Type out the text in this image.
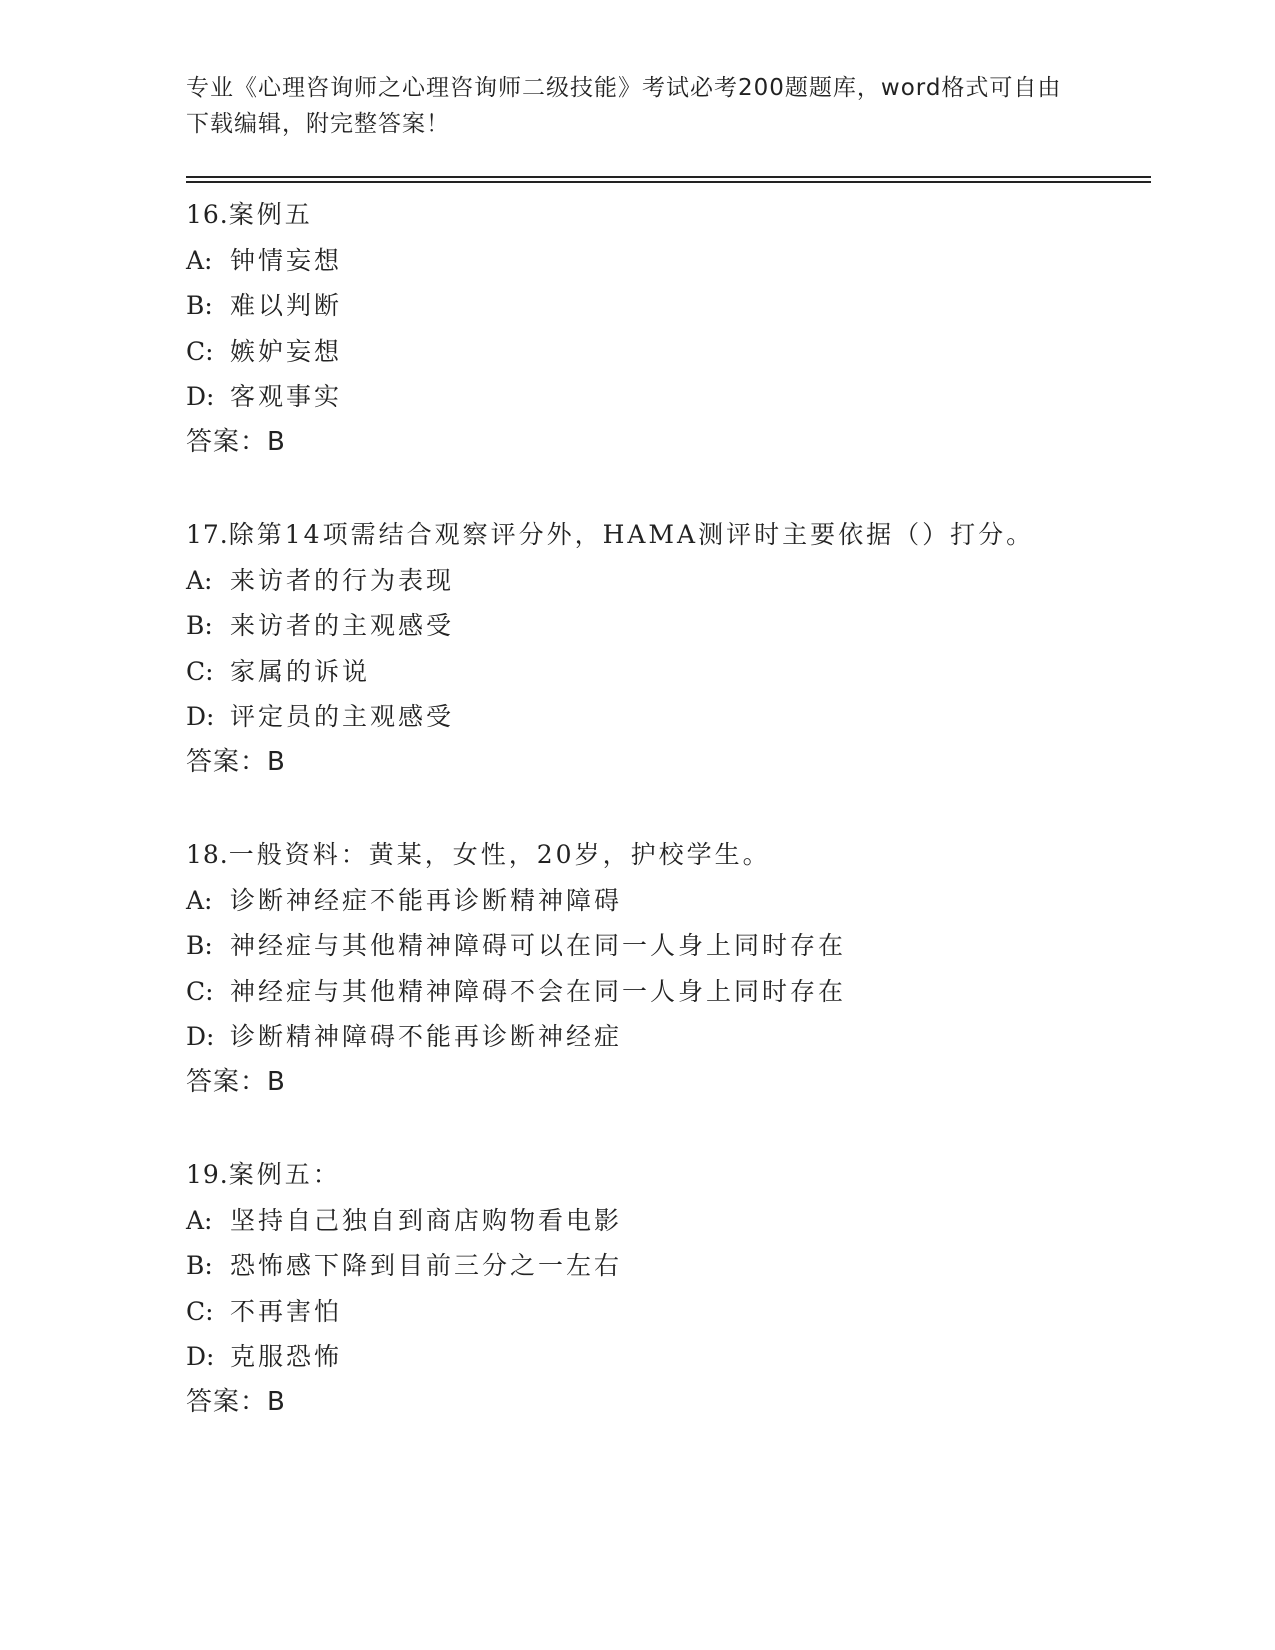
专业《心理咨询师之心理咨询师二级技能》考试必考200题题库，word格式可自由下载编辑，附完整答案！

16.案例五
A: 钟情妄想
B: 难以判断
C: 嫉妒妄想
D: 客观事实
答案：B
17.除第14项需结合观察评分外，HAMA测评时主要依据（）打分。
A: 来访者的行为表现
B: 来访者的主观感受
C: 家属的诉说
D: 评定员的主观感受
答案：B
18.一般资料：黄某，女性，20岁，护校学生。
A: 诊断神经症不能再诊断精神障碍
B: 神经症与其他精神障碍可以在同一人身上同时存在
C: 神经症与其他精神障碍不会在同一人身上同时存在
D: 诊断精神障碍不能再诊断神经症
答案：B
19.案例五：
A: 坚持自己独自到商店购物看电影
B: 恐怖感下降到目前三分之一左右
C: 不再害怕
D: 克服恐怖
答案：B
